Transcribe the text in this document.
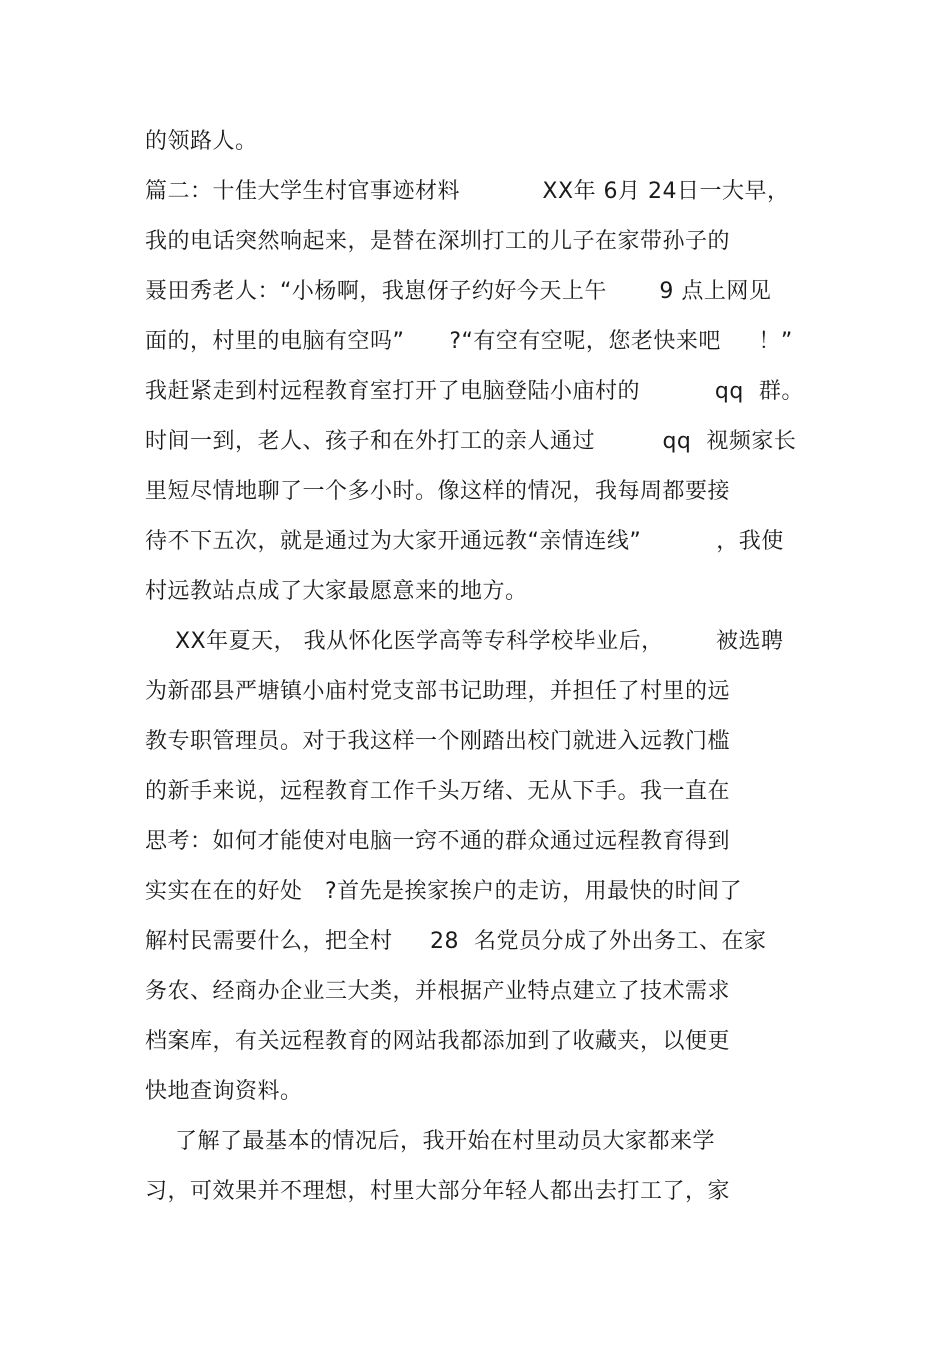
的领路人。
篇二：十佳大学生村官事迹材料           XX年 6月 24日一大早，
我的电话突然响起来，是替在深圳打工的儿子在家带孙子的
聂田秀老人：“小杨啊，我崽伢子约好今天上午       9 点上网见
面的，村里的电脑有空吗”      ?“有空有空呢，您老快来吧     ！”
我赶紧走到村远程教育室打开了电脑登陆小庙村的          qq  群。
时间一到，老人、孩子和在外打工的亲人通过         qq  视频家长
里短尽情地聊了一个多小时。像这样的情况，我每周都要接
待不下五次，就是通过为大家开通远教“亲情连线”          ，我使
村远教站点成了大家最愿意来的地方。
XX年夏天， 我从怀化医学高等专科学校毕业后，       被选聘
为新邵县严塘镇小庙村党支部书记助理，并担任了村里的远
教专职管理员。对于我这样一个刚踏出校门就进入远教门槛
的新手来说，远程教育工作千头万绪、无从下手。我一直在
思考：如何才能使对电脑一窍不通的群众通过远程教育得到
实实在在的好处   ?首先是挨家挨户的走访，用最快的时间了
解村民需要什么，把全村     28  名党员分成了外出务工、在家
务农、经商办企业三大类，并根据产业特点建立了技术需求
档案库，有关远程教育的网站我都添加到了收藏夹，以便更
快地查询资料。
了解了最基本的情况后，我开始在村里动员大家都来学
习，可效果并不理想，村里大部分年轻人都出去打工了，家
